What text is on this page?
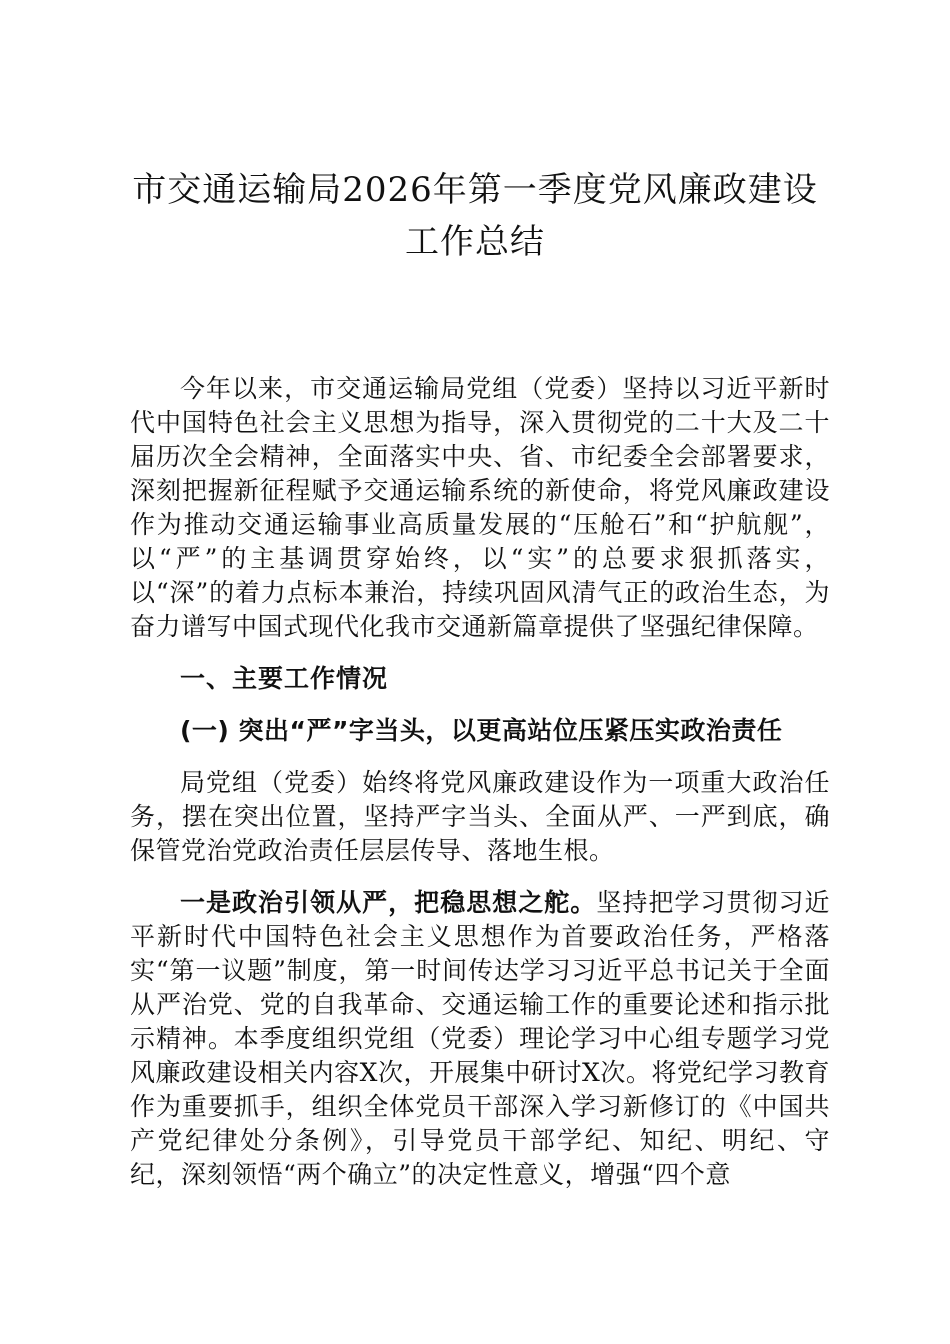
市交通运输局2026年第一季度党风廉政建设
工作总结

今年以来，市交通运输局党组（党委）坚持以习近平新时代中国特色社会主义思想为指导，深入贯彻党的二十大及二十届历次全会精神，全面落实中央、省、市纪委全会部署要求，深刻把握新征程赋予交通运输系统的新使命，将党风廉政建设作为推动交通运输事业高质量发展的“压舱石”和“护航舰”，以“严”的主基调贯穿始终，以“实”的总要求狠抓落实，以“深”的着力点标本兼治，持续巩固风清气正的政治生态，为奋力谱写中国式现代化我市交通新篇章提供了坚强纪律保障。

一、主要工作情况

(一) 突出“严”字当头，以更高站位压紧压实政治责任

局党组（党委）始终将党风廉政建设作为一项重大政治任务，摆在突出位置，坚持严字当头、全面从严、一严到底，确保管党治党政治责任层层传导、落地生根。

一是政治引领从严，把稳思想之舵。坚持把学习贯彻习近平新时代中国特色社会主义思想作为首要政治任务，严格落实“第一议题”制度，第一时间传达学习习近平总书记关于全面从严治党、党的自我革命、交通运输工作的重要论述和指示批示精神。本季度组织党组（党委）理论学习中心组专题学习党风廉政建设相关内容X次，开展集中研讨X次。将党纪学习教育作为重要抓手，组织全体党员干部深入学习新修订的《中国共产党纪律处分条例》，引导党员干部学纪、知纪、明纪、守纪，深刻领悟“两个确立”的决定性意义，增强“四个意
